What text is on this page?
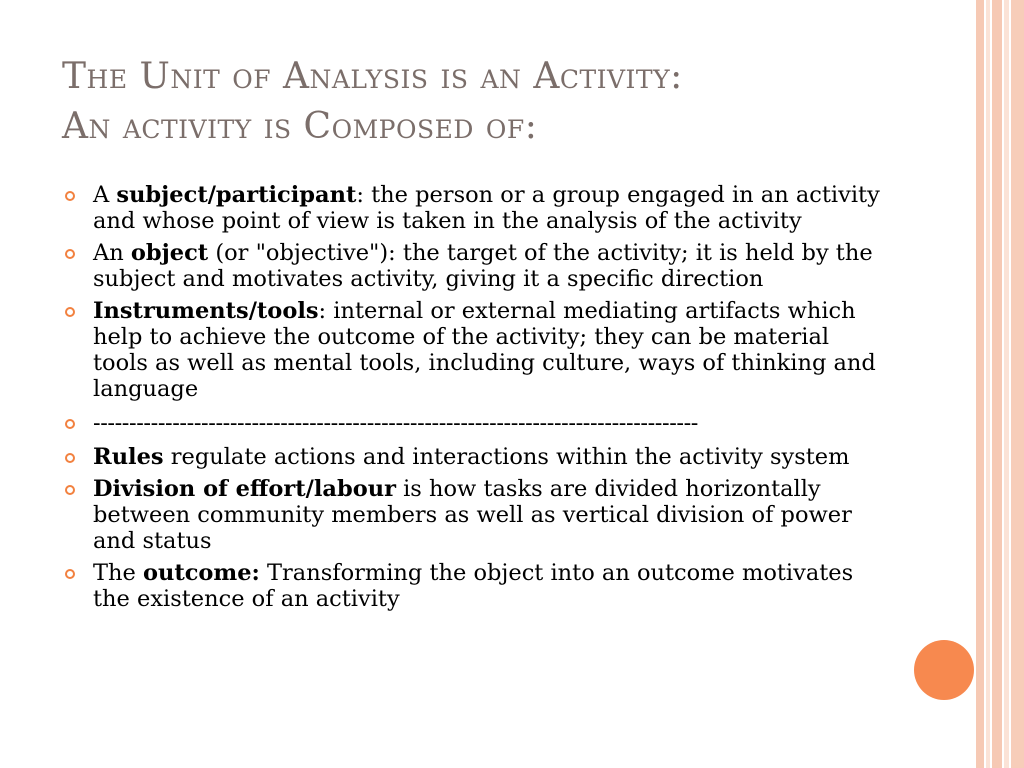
The Unit of Analysis is an Activity:
An activity is Composed of:
A subject/participant: the person or a group engaged in an activity and whose point of view is taken in the analysis of the activity
An object (or "objective"): the target of the activity; it is held by the subject and motivates activity, giving it a specific direction
Instruments/tools: internal or external mediating artifacts which help to achieve the outcome of the activity; they can be material tools as well as mental tools, including culture, ways of thinking and language
------------------------------------------------------------------------------------
Rules regulate actions and interactions within the activity system
Division of effort/labour is how tasks are divided horizontally between community members as well as vertical division of power and status
The outcome: Transforming the object into an outcome motivates the existence of an activity
